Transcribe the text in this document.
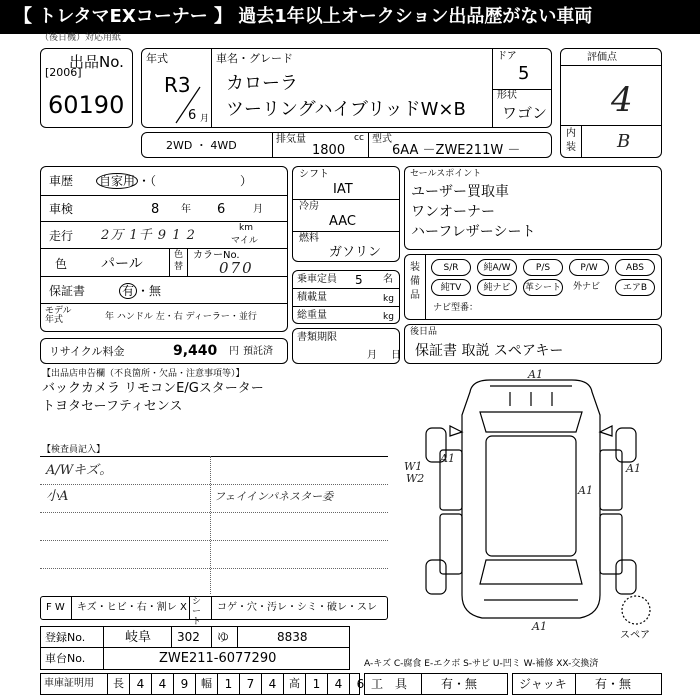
【 トレタマEXコーナー 】 過去1年以上オークション出品歴がない車両
（後日機）対応用紙
出品No.
[2006]
60190
年式
R3
6 月
車名・グレード
カローラ
ツーリングハイブリッドW×B
ドア
5
形状
ワゴン
評価点
4
内
装 B
2WD ・ 4WD	排気量	cc
1800
型式
6AA －ZWE211W －
車歴 自家用 ・（　　　　　　　）
車検	8 年 6	月
走行 2万 1千 9 1 2	km
マイル
色 パール
色
替
カラーNo.
070
保証書	有 ・無
モデル年式	年 ハンドル 左・右 ディーラー・並行
リサイクル料金	9,440 円 預託済
シフト
IAT
冷房
AAC
燃料
ガソリン
乗車定員 5 名
積載量	kg
総重量	kg
書類期限
月 日
セールスポイント
ユーザー買取車
ワンオーナー
ハーフレザーシート
装備品
S/R	純A/W	P/S	P/W	ABS
純TV	純ナビ	革シート 外ナビ	エアB
ナビ型番：
後日品
保証書 取説 スペアキー
【出品店申告欄（不良箇所・欠品・注意事項等）】
バックカメラ リモコンE/Gスターター
トヨタセーフティセンス
【検査員記入】
A/Wキズ。
小A	フェイインパネスター委
F W キズ・ヒビ・右・割レ X シート
コゲ・穴・汚レ・シミ・破レ・スレ
A1
W1
A1
A1
A1
W2
A1
スペア
登録No.	岐阜 302 ゆ	8838
車台No.	ZWE211-6077290	A-キズ C-腐食 E-エクボ S-サビ U-凹ミ W-補修 XX-交換済
車庫証明用	長	4	4	9	幅	1	7	4	高	1	4	6 工　具	有・無	ジャッキ 有・無
